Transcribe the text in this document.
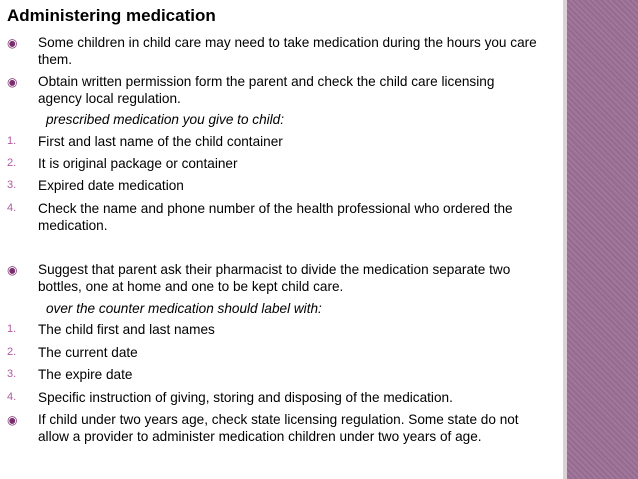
Administering medication
◉ Some children in child care may need to take medication during the hours you care
them.
◉ Obtain written permission form the parent and check the child care licensing
agency local regulation.
prescribed medication you give to child:
1. First and last name of the child container
2. It is original package or container
3. Expired date medication
4. Check the name and phone number of the health professional who ordered the
medication.
◉ Suggest that parent ask their pharmacist to divide the medication separate two
bottles, one at home and one to be kept child care.
over the counter medication should label with:
1. The child first and last names
2. The current date
3. The expire date
4. Specific instruction of giving, storing and disposing of the medication.
◉ If child under two years age, check state licensing regulation. Some state do not
allow a provider to administer medication children under two years of age.
